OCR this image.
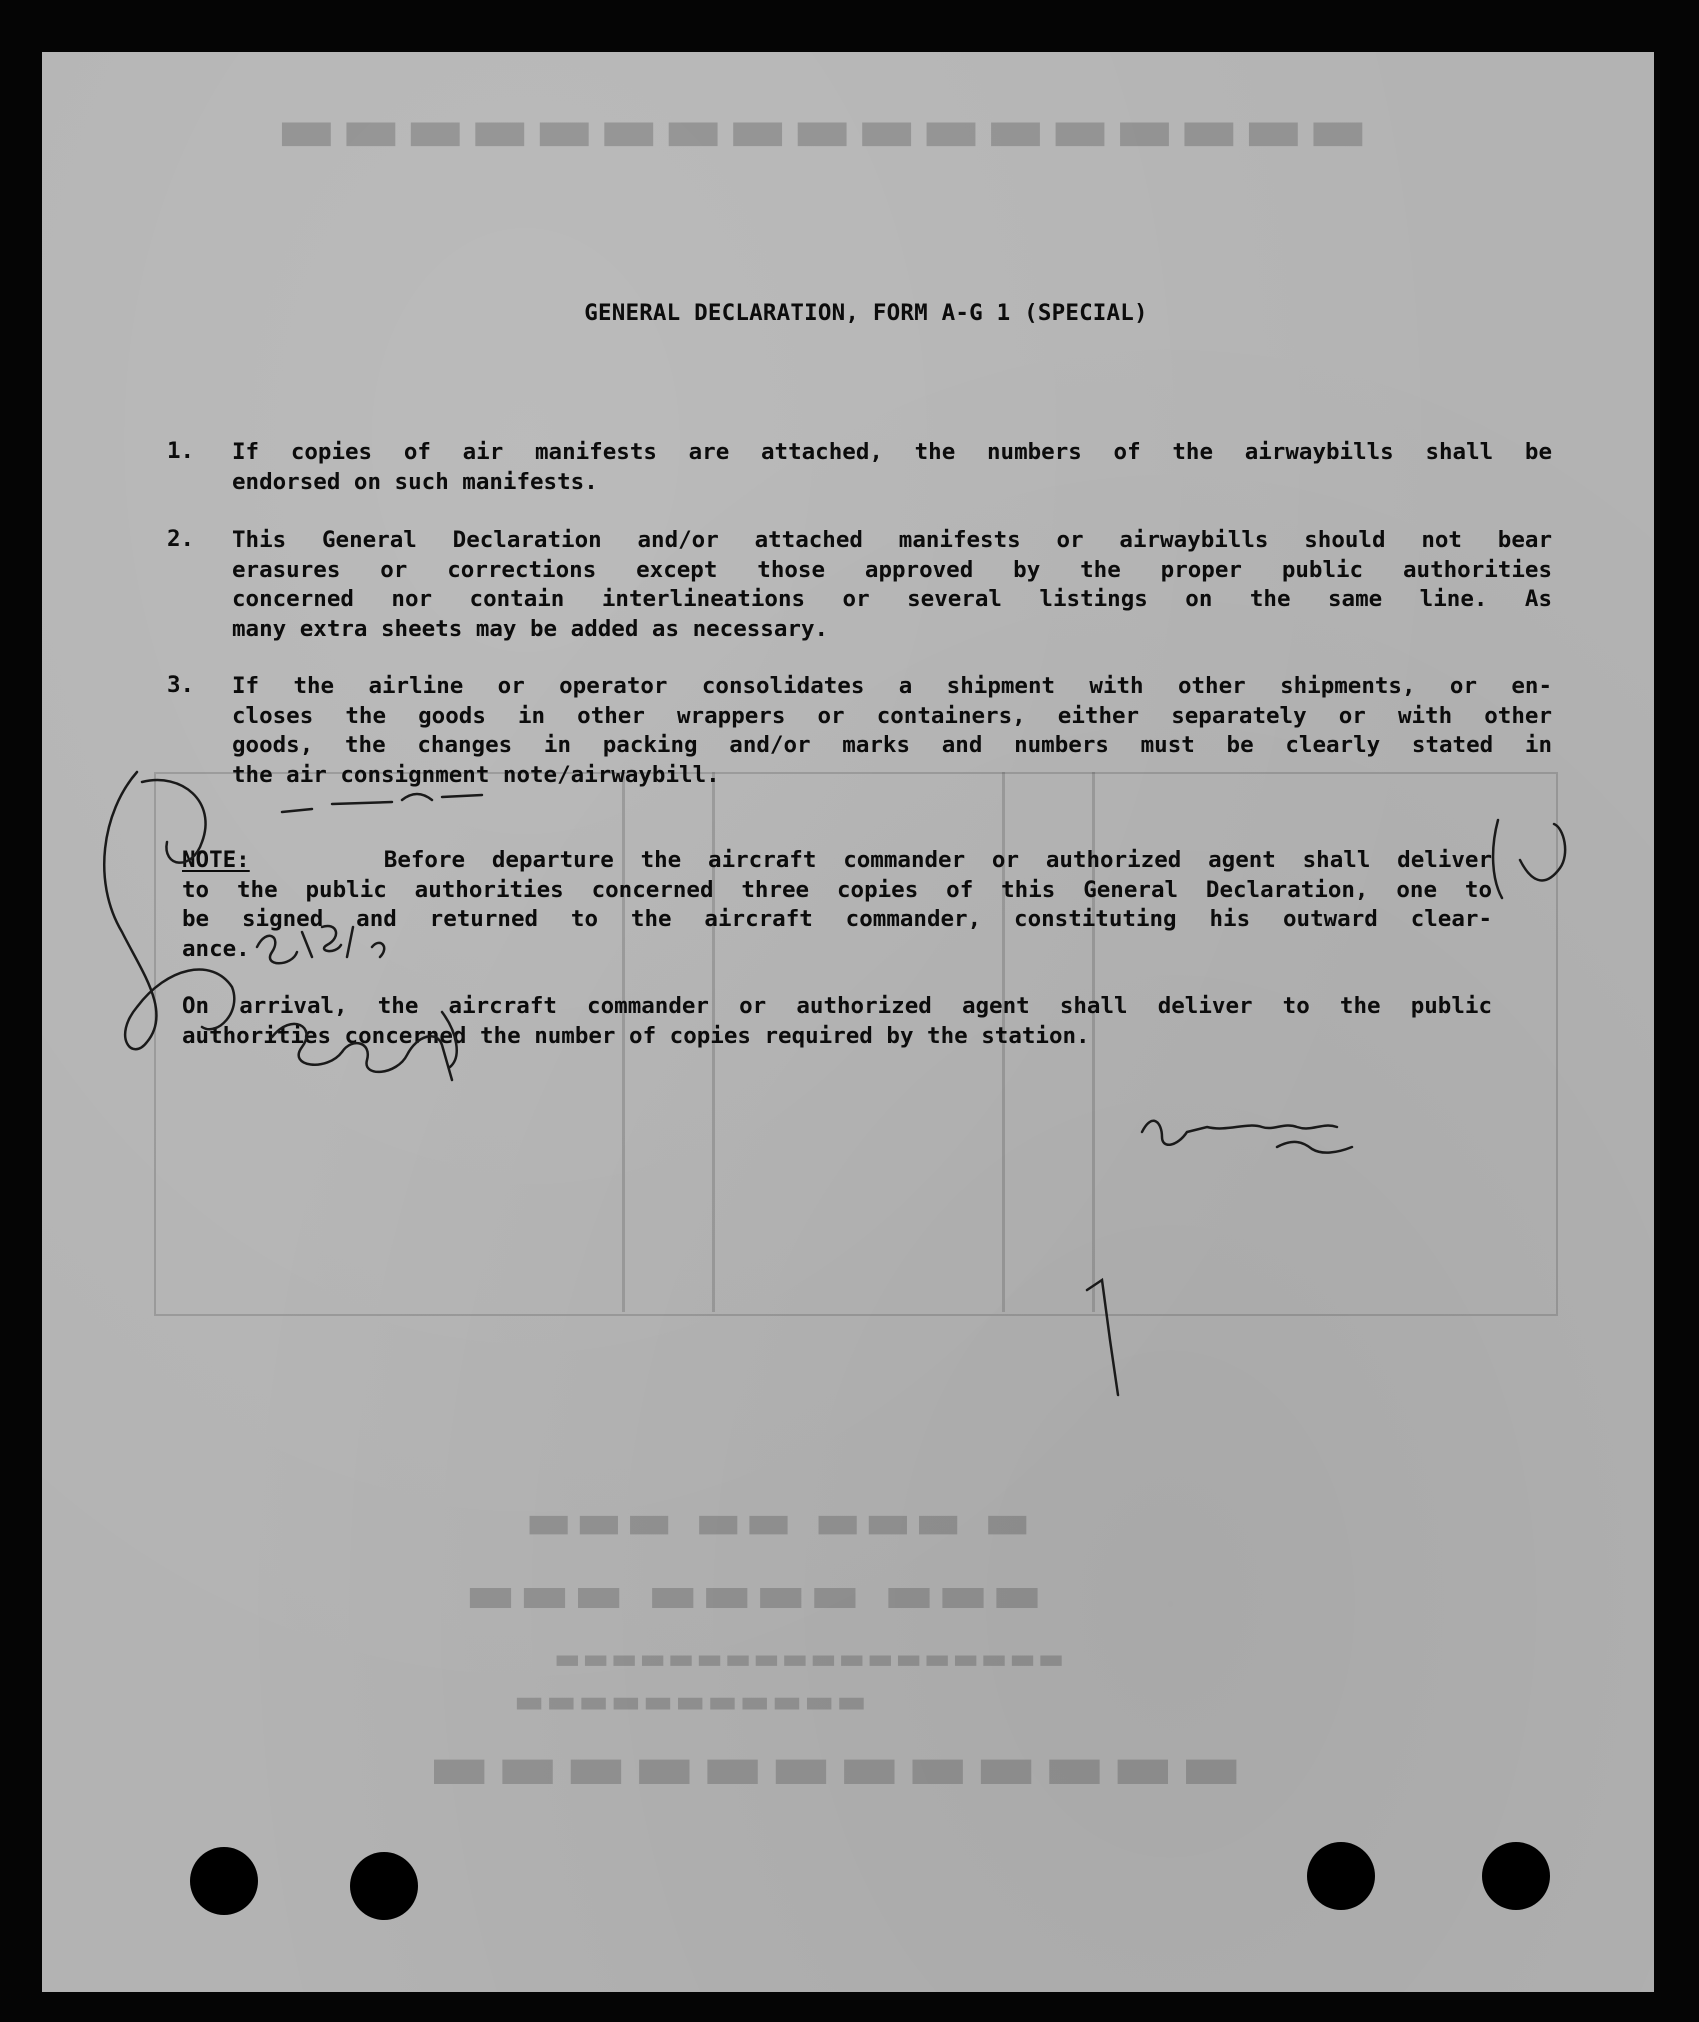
▬▬▬▬▬▬▬▬▬▬▬▬▬▬▬▬▬
▬ ▬▬▬ ▬▬ ▬▬▬
▬▬▬ ▬▬▬▬ ▬▬▬
▬▬▬▬▬▬▬▬▬▬▬▬▬▬▬▬▬▬
▬▬▬▬▬▬▬▬▬▬▬
▬▬▬▬▬▬▬▬▬▬▬▬
GENERAL DECLARATION, FORM A-G 1 (SPECIAL)
1.	If copies of air manifests are attached, the numbers of the airwaybills shall be
endorsed on such manifests.
2.	This General Declaration and/or attached manifests or airwaybills should not bear
erasures or corrections except those approved by the proper public authorities
concerned nor contain interlineations or several listings on the same line. As
many extra sheets may be added as necessary.
3.	If the airline or operator consolidates a shipment with other shipments, or en-
closes the goods in other wrappers or containers, either separately or with other
goods, the changes in packing and/or marks and numbers must be clearly stated in
the air consignment note/airwaybill.
NOTE:	Before departure the aircraft commander or authorized agent shall deliver
to the public authorities concerned three copies of this General Declaration, one to
be signed and returned to the aircraft commander, constituting his outward clear-
ance.
On arrival, the aircraft commander or authorized agent shall deliver to the public
authorities concerned the number of copies required by the station.
